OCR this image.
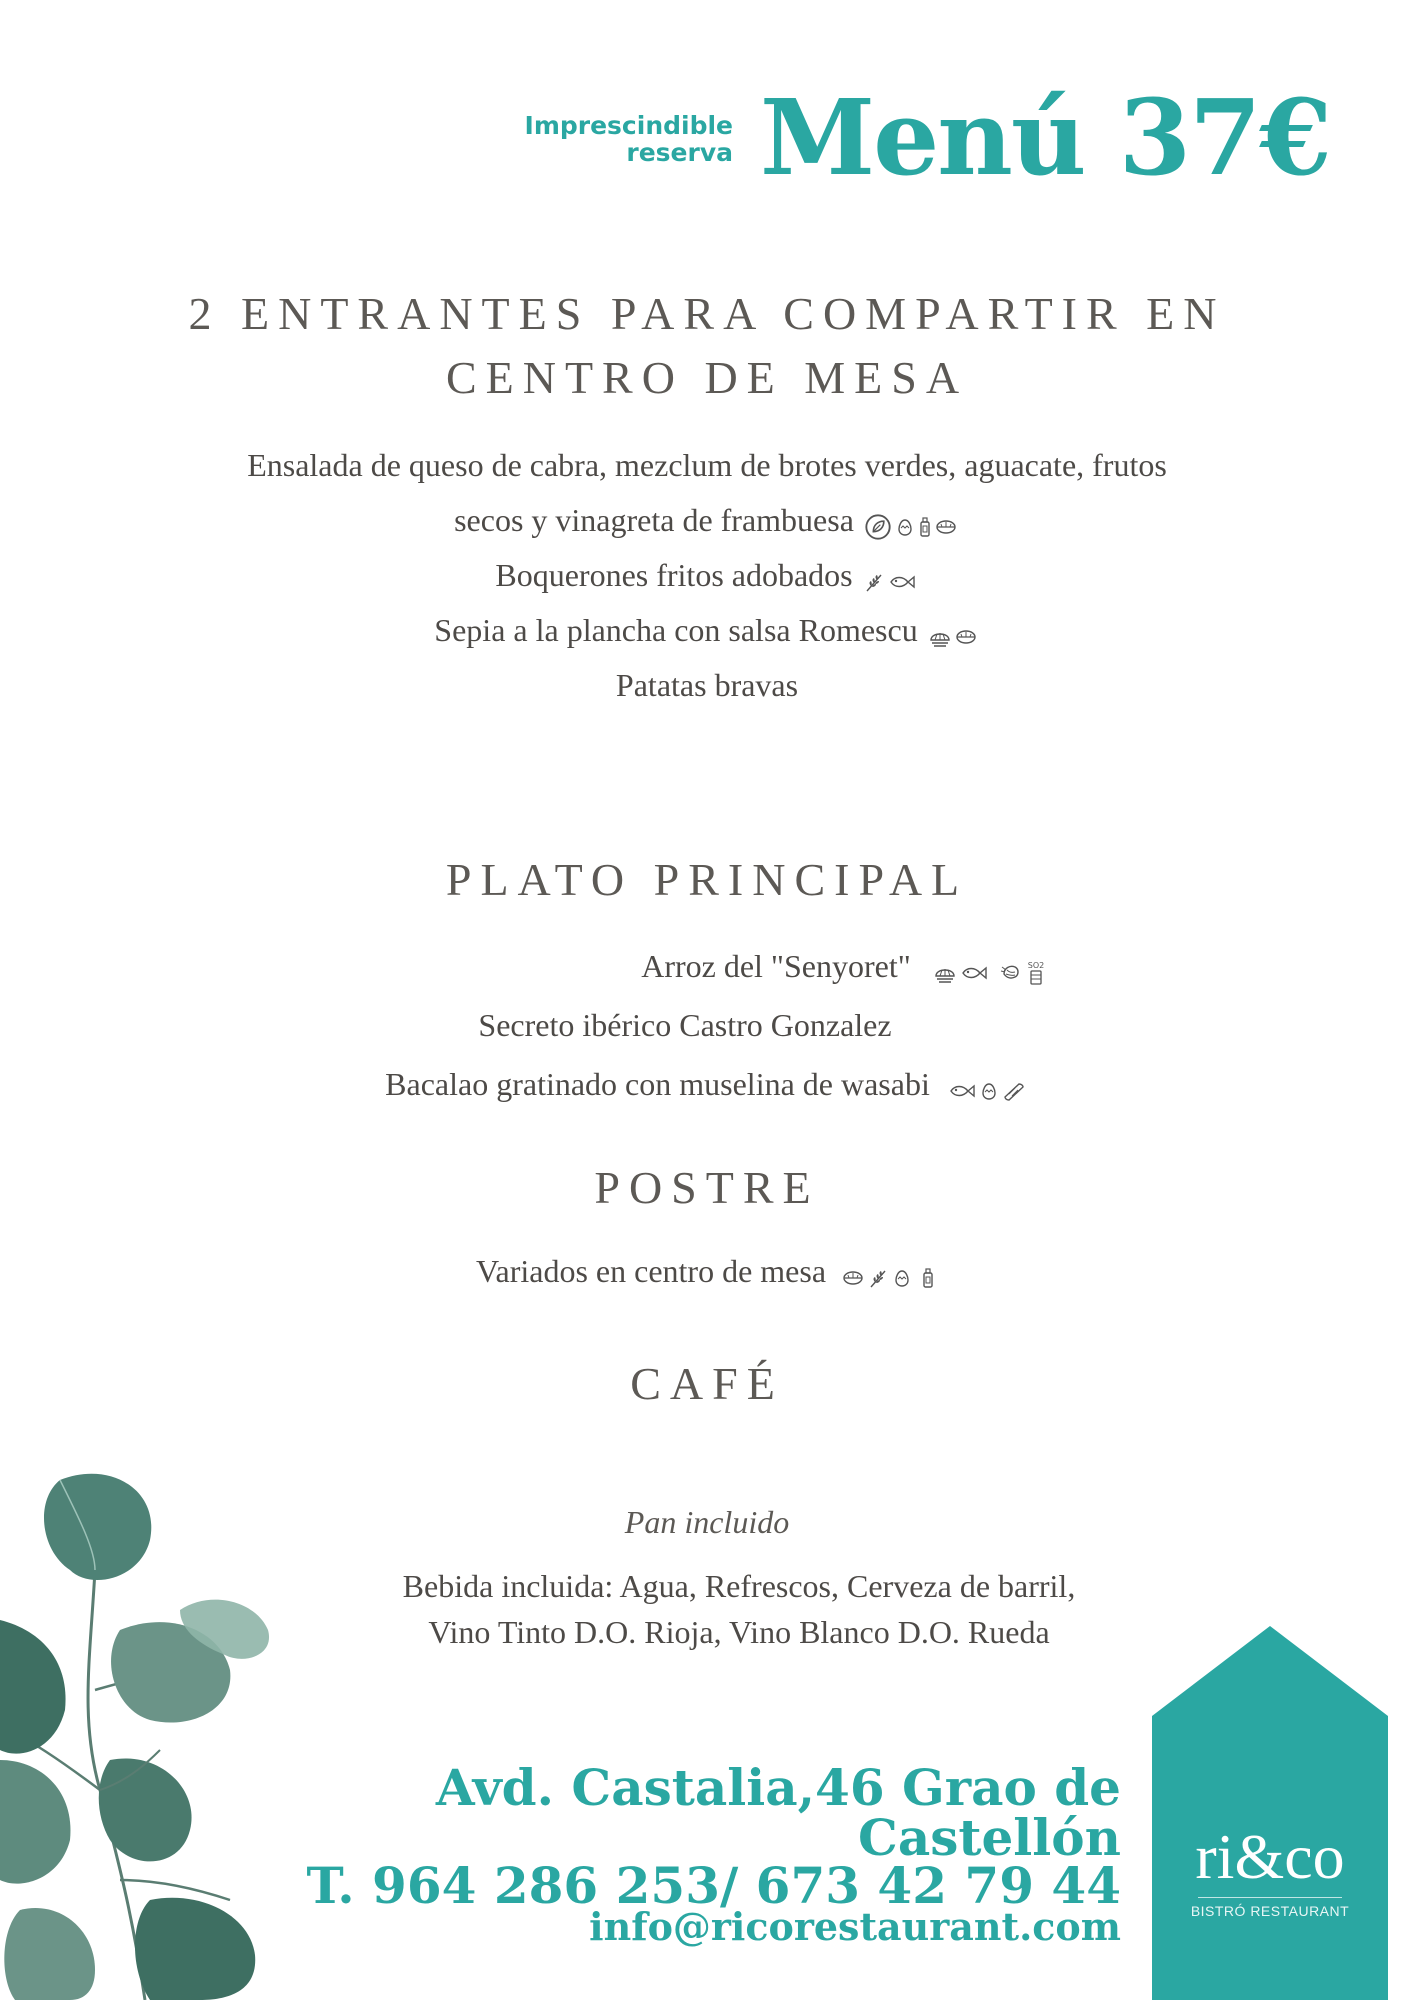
Imprescindible
reserva Menú 37€
2 ENTRANTES PARA COMPARTIR EN
CENTRO DE MESA
Ensalada de queso de cabra, mezclum de brotes verdes, aguacate, frutos
secos y vinagreta de frambuesa
Boquerones fritos adobados
Sepia a la plancha con salsa Romescu
Patatas bravas
PLATO PRINCIPAL
Arroz del "Senyoret"
Secreto ibérico Castro Gonzalez
Bacalao gratinado con muselina de wasabi
POSTRE
Variados en centro de mesa
CAFÉ
Pan incluido
Bebida incluida: Agua, Refrescos, Cerveza de barril,
Vino Tinto D.O. Rioja, Vino Blanco D.O. Rueda
Avd. Castalia,46 Grao de
Castellón
T. 964 286 253/ 673 42 79 44
info@ricorestaurant.com
ri&co
BISTRÓ RESTAURANT
